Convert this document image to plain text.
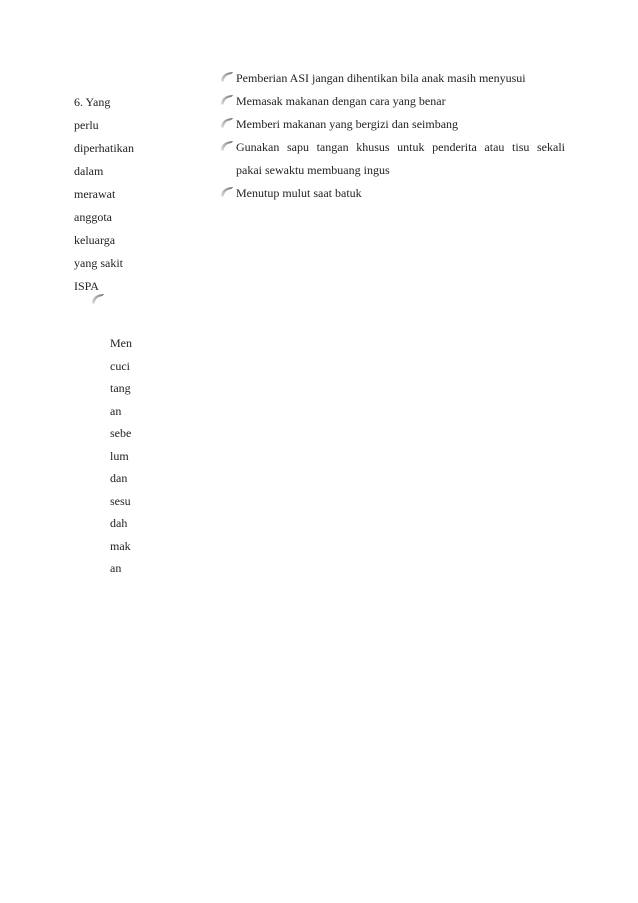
6. Yang
perlu
diperhatikan
dalam
merawat
anggota
keluarga
yang sakit
ISPA
Men
cuci
tang
an
sebe
lum
dan
sesu
dah
mak
an
Pemberian ASI jangan dihentikan bila anak masih menyusui
Memasak makanan dengan cara yang benar
Memberi makanan yang bergizi dan seimbang
Gunakan sapu tangan khusus untuk penderita atau tisu sekali
pakai sewaktu membuang ingus
Menutup mulut saat batuk
